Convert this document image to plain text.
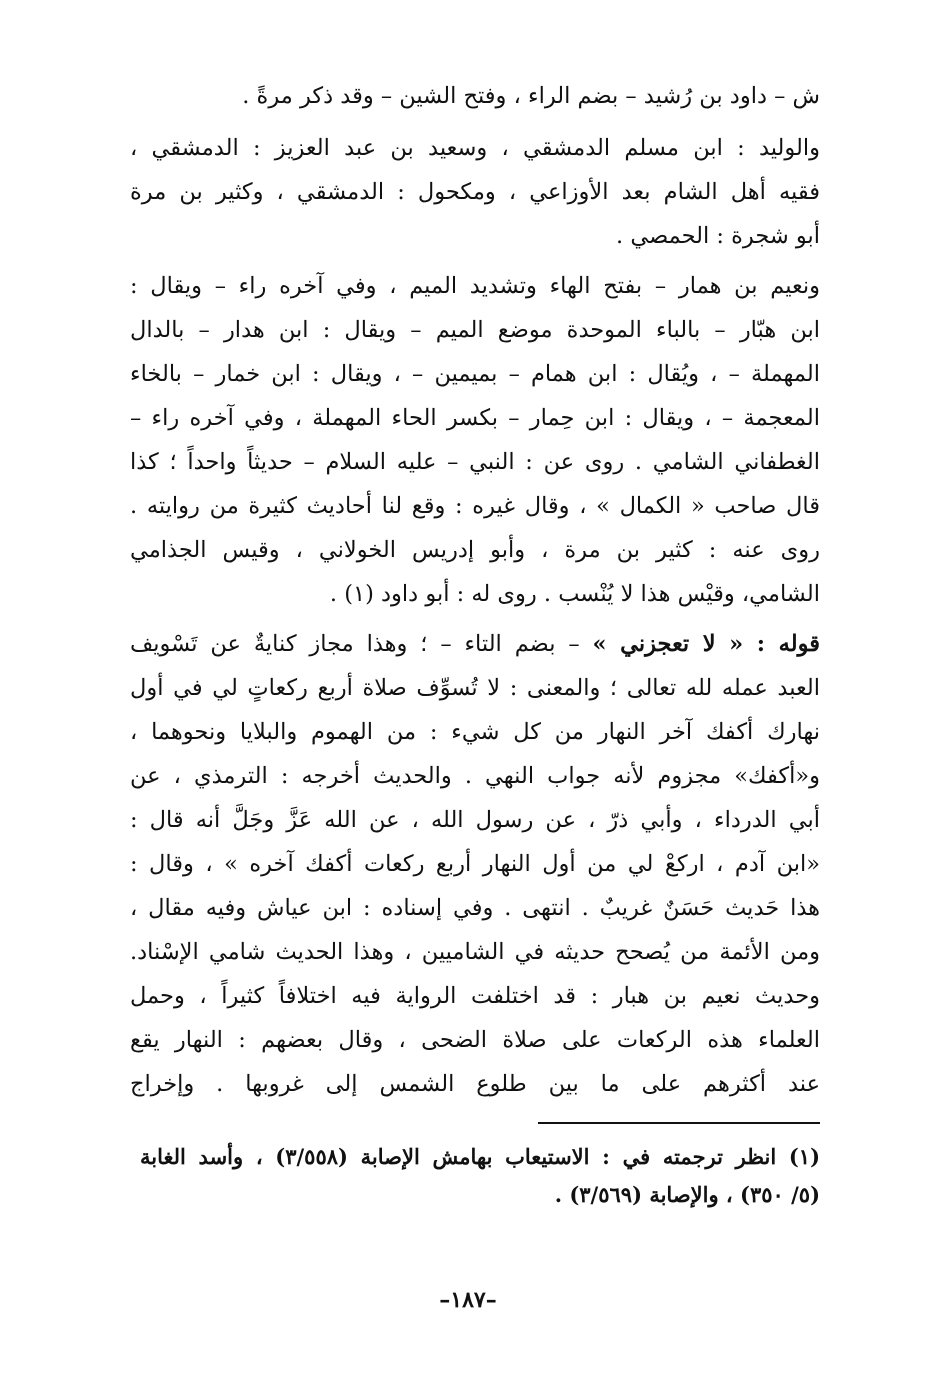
ش – داود بن رُشيد – بضم الراء ، وفتح الشين – وقد ذكر مرةً .
والوليد : ابن مسلم الدمشقي ، وسعيد بن عبد العزيز : الدمشقي ،
فقيه أهل الشام بعد الأوزاعي ، ومكحول : الدمشقي ، وكثير بن مرة
أبو شجرة : الحمصي .
ونعيم بن همار – بفتح الهاء وتشديد الميم ، وفي آخره راء – ويقال :
ابن هبّار – بالباء الموحدة موضع الميم – ويقال : ابن هدار – بالدال
المهملة – ، ويُقال : ابن همام – بميمين – ، ويقال : ابن خمار – بالخاء
المعجمة – ، ويقال : ابن حِمار – بكسر الحاء المهملة ، وفي آخره راء –
الغطفاني الشامي . روى عن : النبي – عليه السلام – حديثاً واحداً ؛ كذا
قال صاحب « الكمال » ، وقال غيره : وقع لنا أحاديث كثيرة من روايته .
روى عنه : كثير بن مرة ، وأبو إدريس الخولاني ، وقيس الجذامي
الشامي، وقيْس هذا لا يُنْسب . روى له : أبو داود (١) .
قوله : « لا تعجزني » – بضم التاء – ؛ وهذا مجاز كنايةٌ عن تَسْويف
العبد عمله لله تعالى ؛ والمعنى : لا تُسوِّف صلاة أربع ركعاتٍ لي في أول
نهارك أكفك آخر النهار من كل شيء : من الهموم والبلايا ونحوهما ،
و«أكفك» مجزوم لأنه جواب النهي . والحديث أخرجه : الترمذي ، عن
أبي الدرداء ، وأبي ذرّ ، عن رسول الله ، عن الله عَزَّ وجَلَّ أنه قال :
«ابن آدم ، اركعْ لي من أول النهار أربع ركعات أكفك آخره » ، وقال :
هذا حَديث حَسَنٌ غريبٌ . انتهى . وفي إسناده : ابن عياش وفيه مقال ،
ومن الأئمة من يُصحح حديثه في الشاميين ، وهذا الحديث شامي الإسْناد.
وحديث نعيم بن هبار : قد اختلفت الرواية فيه اختلافاً كثيراً ، وحمل
العلماء هذه الركعات على صلاة الضحى ، وقال بعضهم : النهار يقع
عند أكثرهم على ما بين طلوع الشمس إلى غروبها . وإخراج
(١) انظر ترجمته في : الاستيعاب بهامش الإصابة (٣/٥٥٨) ، وأسد الغابة
(٥/ ٣٥٠) ، والإصابة (٣/٥٦٩) .
–١٨٧–
